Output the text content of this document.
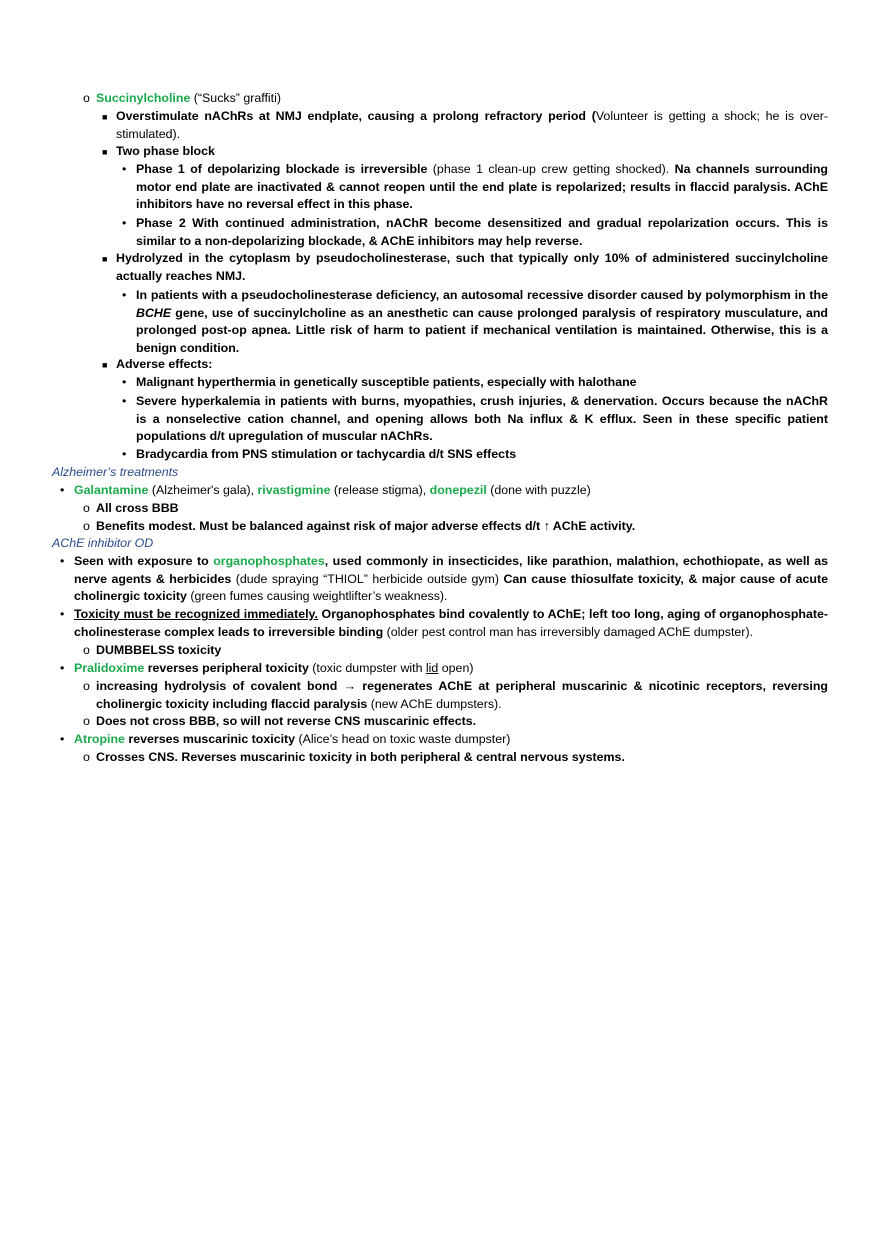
o Succinylcholine (“Sucks” graffiti)
■ Overstimulate nAChRs at NMJ endplate, causing a prolong refractory period (Volunteer is getting a shock; he is over-stimulated).
■ Two phase block
• Phase 1 of depolarizing blockade is irreversible (phase 1 clean-up crew getting shocked). Na channels surrounding motor end plate are inactivated & cannot reopen until the end plate is repolarized; results in flaccid paralysis. AChE inhibitors have no reversal effect in this phase.
• Phase 2 With continued administration, nAChR become desensitized and gradual repolarization occurs. This is similar to a non-depolarizing blockade, & AChE inhibitors may help reverse.
■ Hydrolyzed in the cytoplasm by pseudocholinesterase, such that typically only 10% of administered succinylcholine actually reaches NMJ.
• In patients with a pseudocholinesterase deficiency, an autosomal recessive disorder caused by polymorphism in the BCHE gene, use of succinylcholine as an anesthetic can cause prolonged paralysis of respiratory musculature, and prolonged post-op apnea. Little risk of harm to patient if mechanical ventilation is maintained. Otherwise, this is a benign condition.
■ Adverse effects:
• Malignant hyperthermia in genetically susceptible patients, especially with halothane
• Severe hyperkalemia in patients with burns, myopathies, crush injuries, & denervation. Occurs because the nAChR is a nonselective cation channel, and opening allows both Na influx & K efflux. Seen in these specific patient populations d/t upregulation of muscular nAChRs.
• Bradycardia from PNS stimulation or tachycardia d/t SNS effects
Alzheimer’s treatments
• Galantamine (Alzheimer's gala), rivastigmine (release stigma), donepezil (done with puzzle)
o All cross BBB
o Benefits modest. Must be balanced against risk of major adverse effects d/t ↑ AChE activity.
AChE inhibitor OD
• Seen with exposure to organophosphates, used commonly in insecticides, like parathion, malathion, echothiopate, as well as nerve agents & herbicides (dude spraying “THIOL” herbicide outside gym) Can cause thiosulfate toxicity, & major cause of acute cholinergic toxicity (green fumes causing weightlifter’s weakness).
• Toxicity must be recognized immediately. Organophosphates bind covalently to AChE; left too long, aging of organophosphate-cholinesterase complex leads to irreversible binding (older pest control man has irreversibly damaged AChE dumpster).
o DUMBBELSS toxicity
• Pralidoxime reverses peripheral toxicity (toxic dumpster with lid open)
o increasing hydrolysis of covalent bond → regenerates AChE at peripheral muscarinic & nicotinic receptors, reversing cholinergic toxicity including flaccid paralysis (new AChE dumpsters).
o Does not cross BBB, so will not reverse CNS muscarinic effects.
• Atropine reverses muscarinic toxicity (Alice’s head on toxic waste dumpster)
o Crosses CNS. Reverses muscarinic toxicity in both peripheral & central nervous systems.
